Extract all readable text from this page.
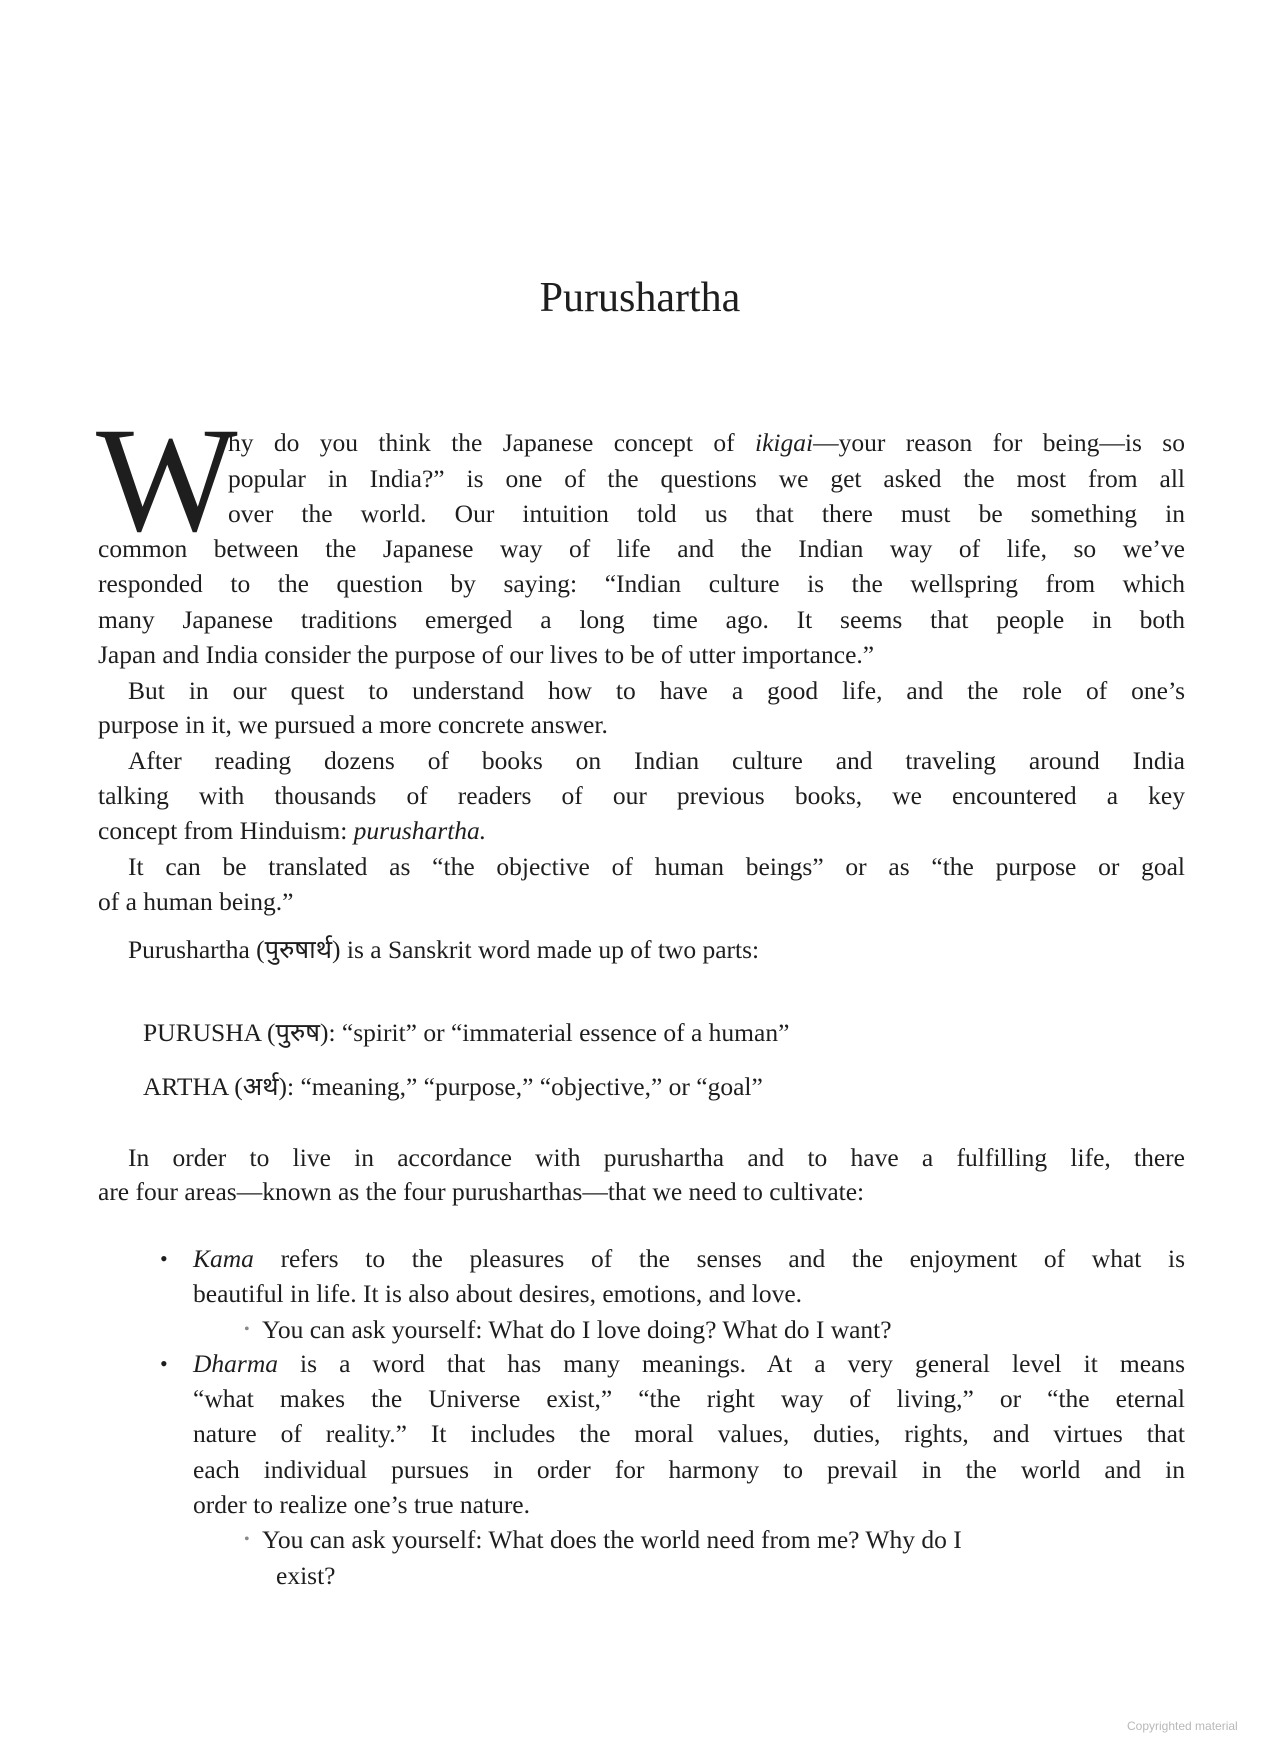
Purushartha
W
hy do you think the Japanese concept of ikigai—your reason for being—is so
popular in India?” is one of the questions we get asked the most from all
over the world. Our intuition told us that there must be something in
common between the Japanese way of life and the Indian way of life, so we’ve
responded to the question by saying: “Indian culture is the wellspring from which
many Japanese traditions emerged a long time ago. It seems that people in both
Japan and India consider the purpose of our lives to be of utter importance.”
But in our quest to understand how to have a good life, and the role of one’s
purpose in it, we pursued a more concrete answer.
After reading dozens of books on Indian culture and traveling around India
talking with thousands of readers of our previous books, we encountered a key
concept from Hinduism: purushartha.
It can be translated as “the objective of human beings” or as “the purpose or goal
of a human being.”
Purushartha (पुरुषार्थ) is a Sanskrit word made up of two parts:
PURUSHA (पुरुष): “spirit” or “immaterial essence of a human”
ARTHA (अर्थ): “meaning,” “purpose,” “objective,” or “goal”
In order to live in accordance with purushartha and to have a fulfilling life, there
are four areas—known as the four purusharthas—that we need to cultivate:
• Kama refers to the pleasures of the senses and the enjoyment of what is
beautiful in life. It is also about desires, emotions, and love.
• You can ask yourself: What do I love doing? What do I want?
• Dharma is a word that has many meanings. At a very general level it means
“what makes the Universe exist,” “the right way of living,” or “the eternal
nature of reality.” It includes the moral values, duties, rights, and virtues that
each individual pursues in order for harmony to prevail in the world and in
order to realize one’s true nature.
• You can ask yourself: What does the world need from me? Why do I
exist?
Copyrighted material
